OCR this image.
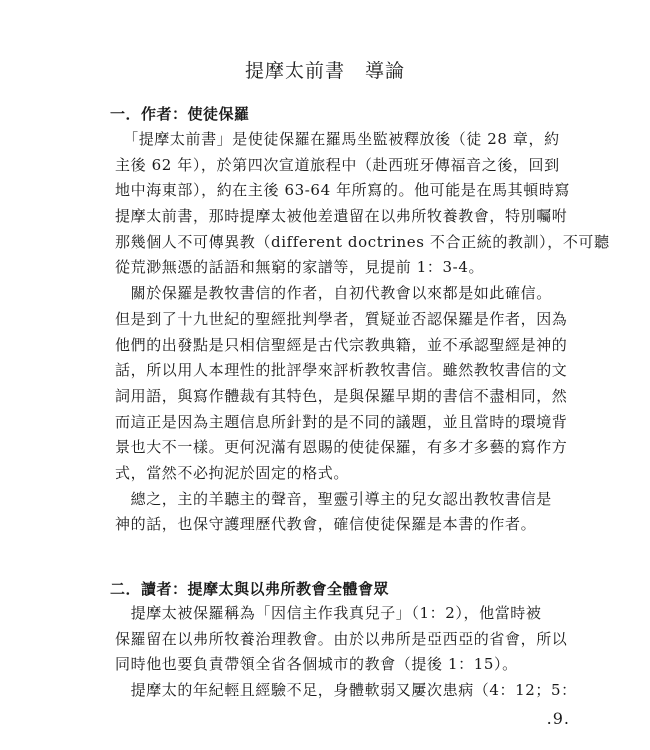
提摩太前書　導論
一．作者：使徒保羅
　「提摩太前書」是使徒保羅在羅馬坐監被釋放後（徒 28 章，約
主後 62 年），於第四次宣道旅程中（赴西班牙傳福音之後，回到
地中海東部），約在主後 63-64 年所寫的。他可能是在馬其頓時寫
提摩太前書，那時提摩太被他差遣留在以弗所牧養教會，特別囑咐
那幾個人不可傳異教（different doctrines 不合正統的教訓），不可聽
從荒渺無憑的話語和無窮的家譜等，見提前 1：3-4。
　關於保羅是教牧書信的作者，自初代教會以來都是如此確信。
但是到了十九世紀的聖經批判學者，質疑並否認保羅是作者，因為
他們的出發點是只相信聖經是古代宗教典籍，並不承認聖經是神的
話，所以用人本理性的批評學來評析教牧書信。雖然教牧書信的文
詞用語，與寫作體裁有其特色，是與保羅早期的書信不盡相同，然
而這正是因為主題信息所針對的是不同的議題，並且當時的環境背
景也大不一樣。更何況滿有恩賜的使徒保羅，有多才多藝的寫作方
式，當然不必拘泥於固定的格式。
　總之，主的羊聽主的聲音，聖靈引導主的兒女認出教牧書信是
神的話，也保守護理歷代教會，確信使徒保羅是本書的作者。
二．讀者：提摩太與以弗所教會全體會眾
　提摩太被保羅稱為「因信主作我真兒子」（1：2），他當時被
保羅留在以弗所牧養治理教會。由於以弗所是亞西亞的省會，所以
同時他也要負責帶領全省各個城市的教會（提後 1：15）。
　提摩太的年紀輕且經驗不足，身體軟弱又屢次患病（4：12；5：
.9.
